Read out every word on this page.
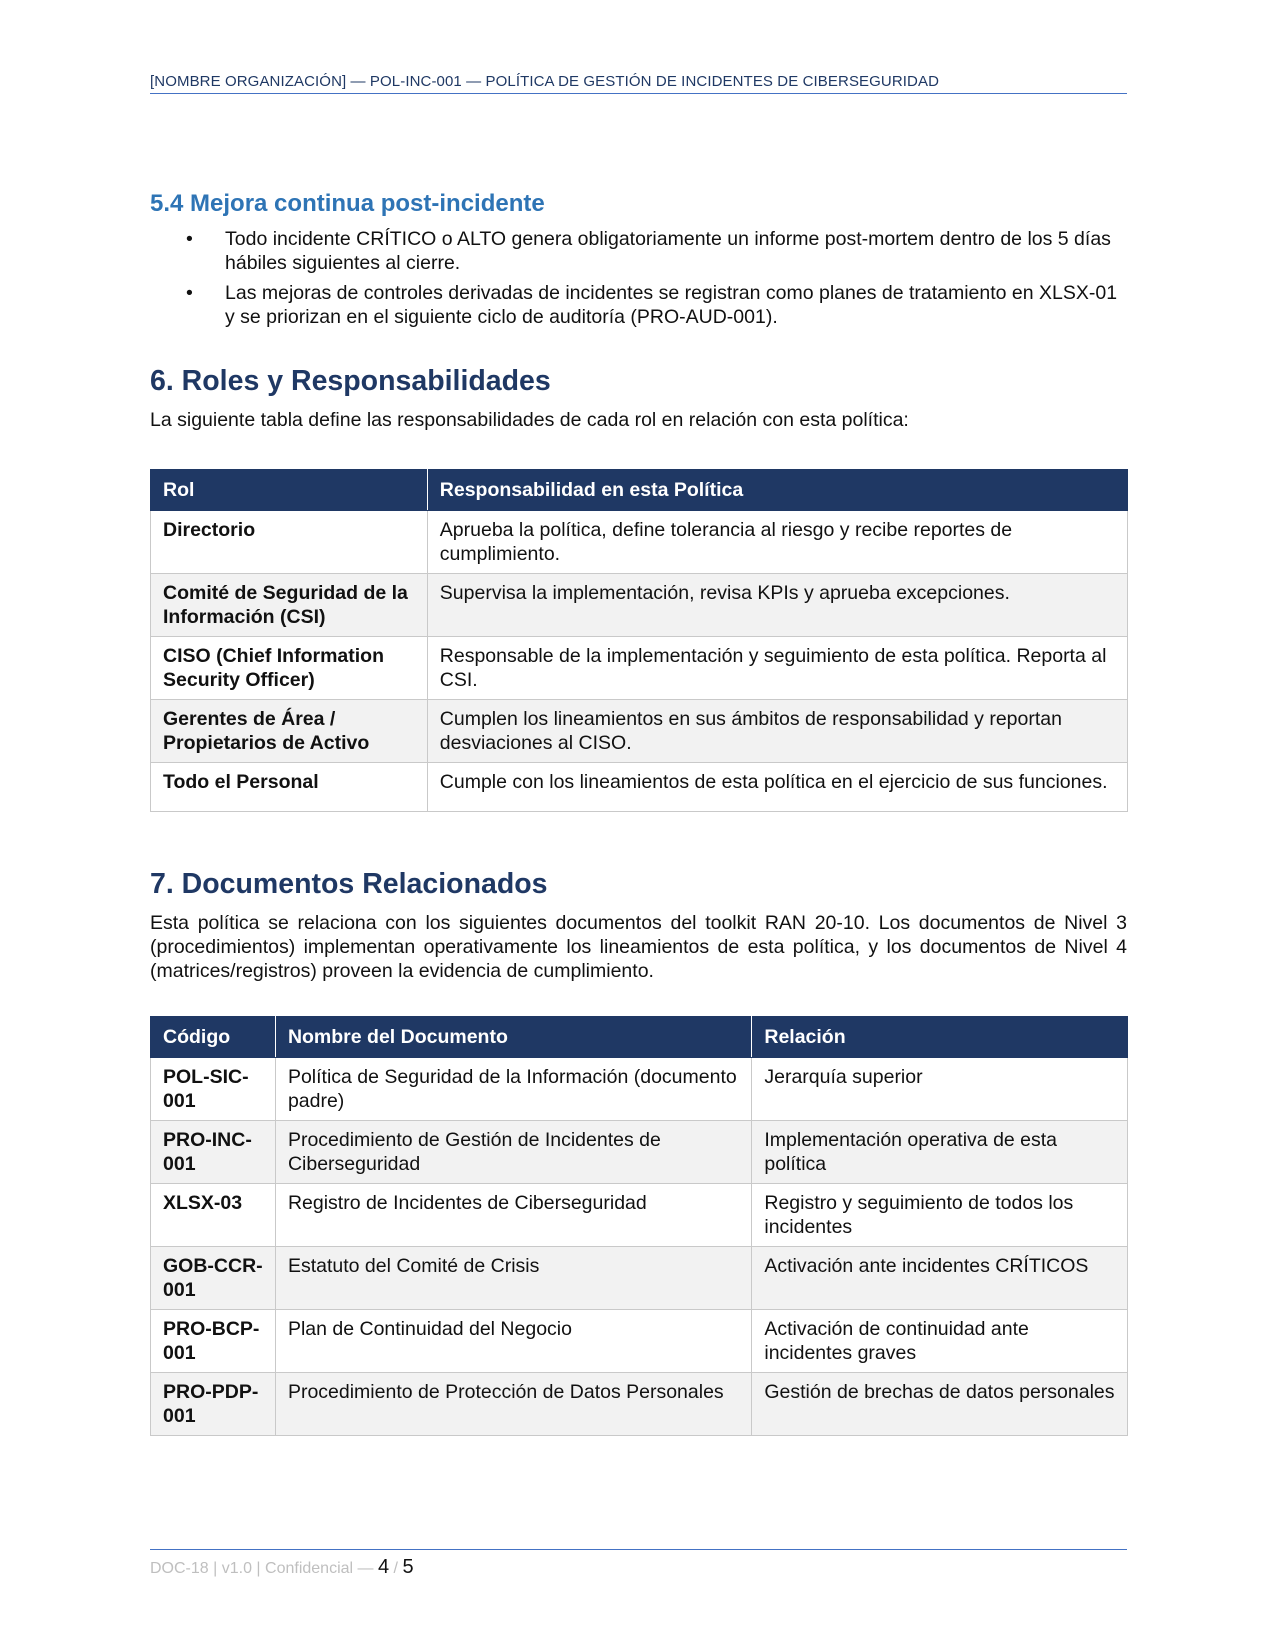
[NOMBRE ORGANIZACIÓN] — POL-INC-001 — POLÍTICA DE GESTIÓN DE INCIDENTES DE CIBERSEGURIDAD
5.4 Mejora continua post-incidente
• Todo incidente CRÍTICO o ALTO genera obligatoriamente un informe post-mortem dentro de los 5 días hábiles siguientes al cierre.
• Las mejoras de controles derivadas de incidentes se registran como planes de tratamiento en XLSX-01 y se priorizan en el siguiente ciclo de auditoría (PRO-AUD-001).
6. Roles y Responsabilidades

La siguiente tabla define las responsabilidades de cada rol en relación con esta política:

Rol	Responsabilidad en esta Política
Directorio	Aprueba la política, define tolerancia al riesgo y recibe reportes de cumplimiento.
Comité de Seguridad de la Información (CSI)	Supervisa la implementación, revisa KPIs y aprueba excepciones.
CISO (Chief Information Security Officer)	Responsable de la implementación y seguimiento de esta política. Reporta al CSI.
Gerentes de Área / Propietarios de Activo	Cumplen los lineamientos en sus ámbitos de responsabilidad y reportan desviaciones al CISO.
Todo el Personal	Cumple con los lineamientos de esta política en el ejercicio de sus funciones.
7. Documentos Relacionados

Esta política se relaciona con los siguientes documentos del toolkit RAN 20-10. Los documentos de Nivel 3 (procedimientos) implementan operativamente los lineamientos de esta política, y los documentos de Nivel 4 (matrices/registros) proveen la evidencia de cumplimiento.

Código	Nombre del Documento	Relación
POL-SIC-001	Política de Seguridad de la Información (documento padre)	Jerarquía superior
PRO-INC-001	Procedimiento de Gestión de Incidentes de Ciberseguridad	Implementación operativa de esta política
XLSX-03	Registro de Incidentes de Ciberseguridad	Registro y seguimiento de todos los incidentes
GOB-CCR-001	Estatuto del Comité de Crisis	Activación ante incidentes CRÍTICOS
PRO-BCP-001	Plan de Continuidad del Negocio	Activación de continuidad ante incidentes graves
PRO-PDP-001	Procedimiento de Protección de Datos Personales	Gestión de brechas de datos personales
DOC-18 | v1.0 | Confidencial — 4 / 5
